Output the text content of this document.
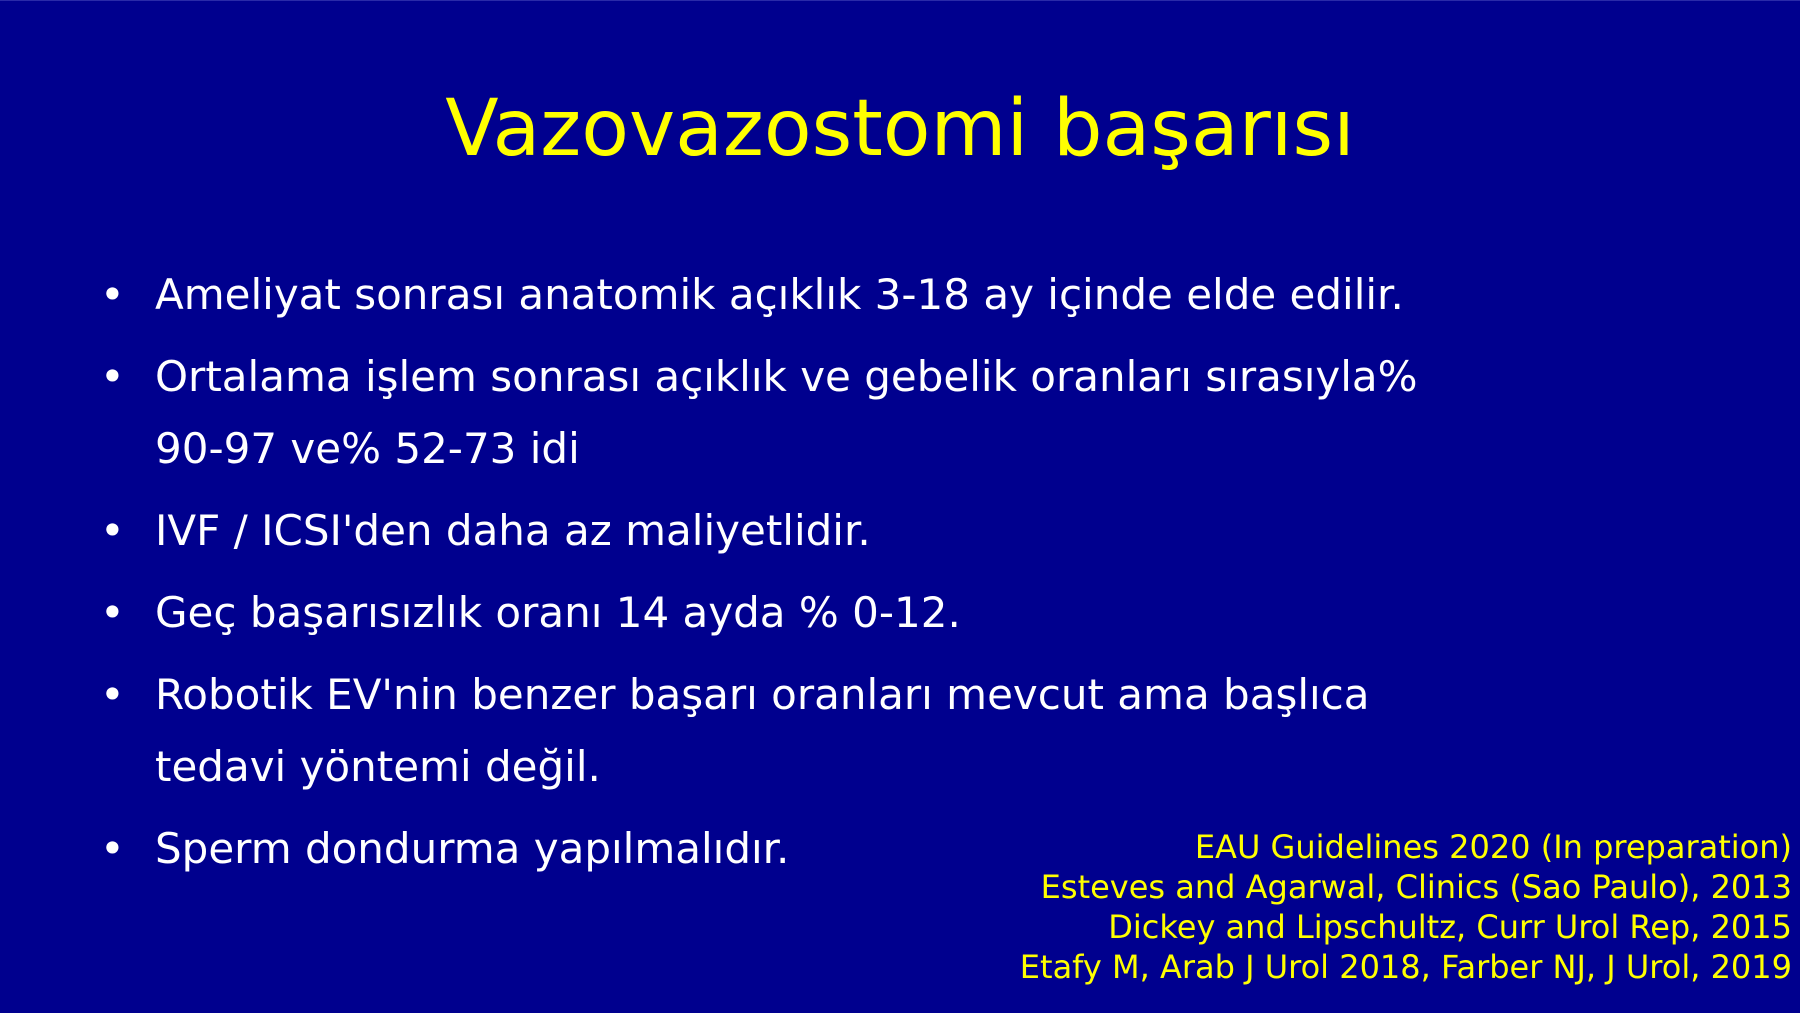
Vazovazostomi başarısı
• Ameliyat sonrası anatomik açıklık 3-18 ay içinde elde edilir.
• Ortalama işlem sonrası açıklık ve gebelik oranları sırasıyla% 90-97 ve% 52-73 idi
• IVF / ICSI'den daha az maliyetlidir.
• Geç başarısızlık oranı 14 ayda % 0-12.
• Robotik EV'nin benzer başarı oranları mevcut ama başlıca tedavi yöntemi değil.
• Sperm dondurma yapılmalıdır.	EAU Guidelines 2020 (In preparation)
Esteves and Agarwal, Clinics (Sao Paulo), 2013
Dickey and Lipschultz, Curr Urol Rep, 2015
Etafy M, Arab J Urol 2018, Farber NJ, J Urol, 2019
